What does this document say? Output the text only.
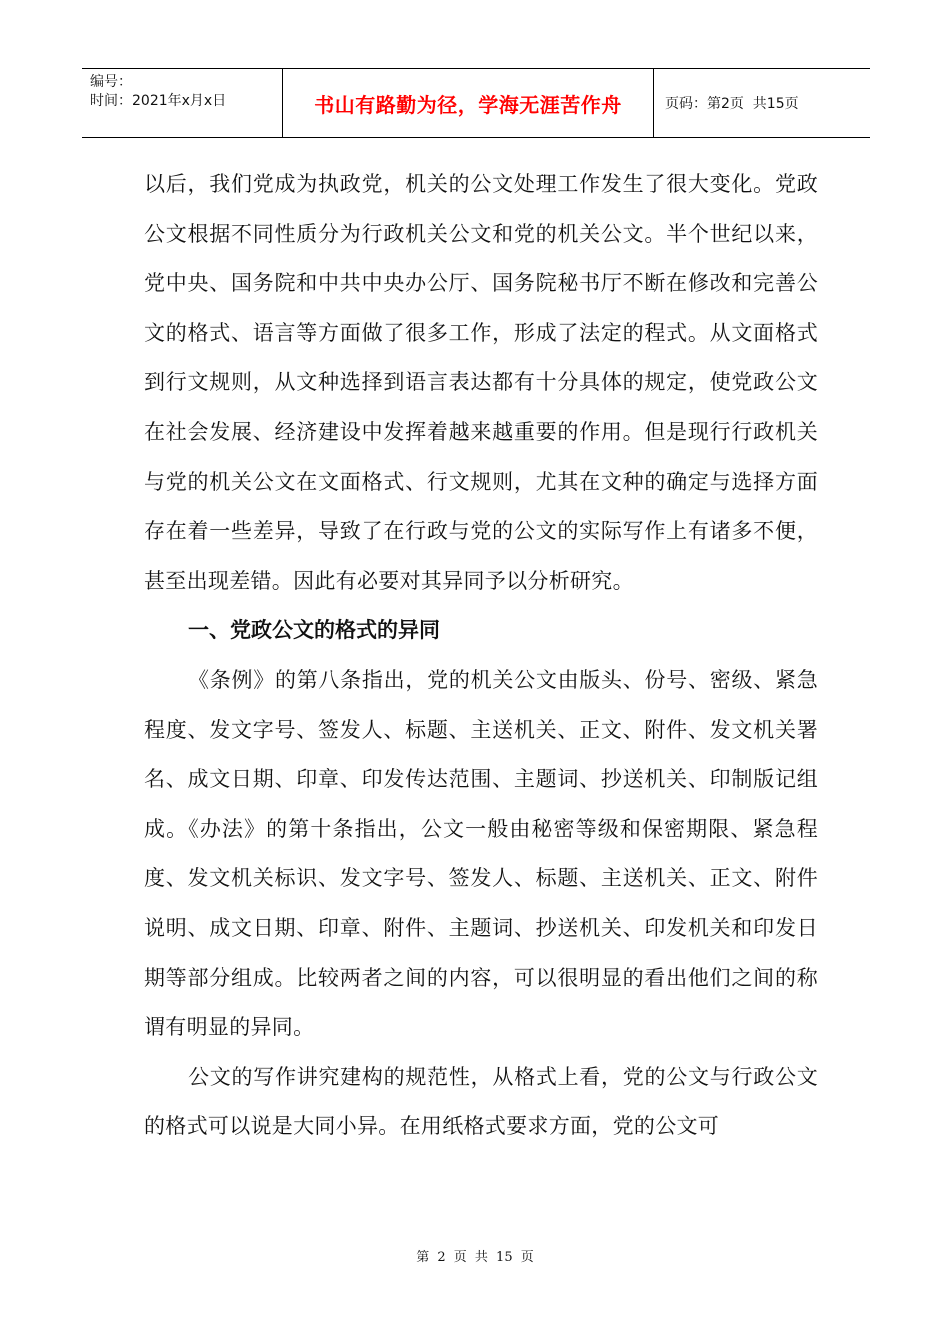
编号：
时间：2021年x月x日	书山有路勤为径，学海无涯苦作舟	页码：第2页  共15页

以后，我们党成为执政党，机关的公文处理工作发生了很大变化。党政公文根据不同性质分为行政机关公文和党的机关公文。半个世纪以来，党中央、国务院和中共中央办公厅、国务院秘书厅不断在修改和完善公文的格式、语言等方面做了很多工作，形成了法定的程式。从文面格式到行文规则，从文种选择到语言表达都有十分具体的规定，使党政公文在社会发展、经济建设中发挥着越来越重要的作用。但是现行行政机关与党的机关公文在文面格式、行文规则，尤其在文种的确定与选择方面存在着一些差异，导致了在行政与党的公文的实际写作上有诸多不便，甚至出现差错。因此有必要对其异同予以分析研究。

一、党政公文的格式的异同

《条例》的第八条指出，党的机关公文由版头、份号、密级、紧急程度、发文字号、签发人、标题、主送机关、正文、附件、发文机关署名、成文日期、印章、印发传达范围、主题词、抄送机关、印制版记组成。《办法》的第十条指出，公文一般由秘密等级和保密期限、紧急程度、发文机关标识、发文字号、签发人、标题、主送机关、正文、附件说明、成文日期、印章、附件、主题词、抄送机关、印发机关和印发日期等部分组成。比较两者之间的内容，可以很明显的看出他们之间的称谓有明显的异同。

公文的写作讲究建构的规范性，从格式上看，党的公文与行政公文的格式可以说是大同小异。在用纸格式要求方面，党的公文可

第 2 页 共 15 页
